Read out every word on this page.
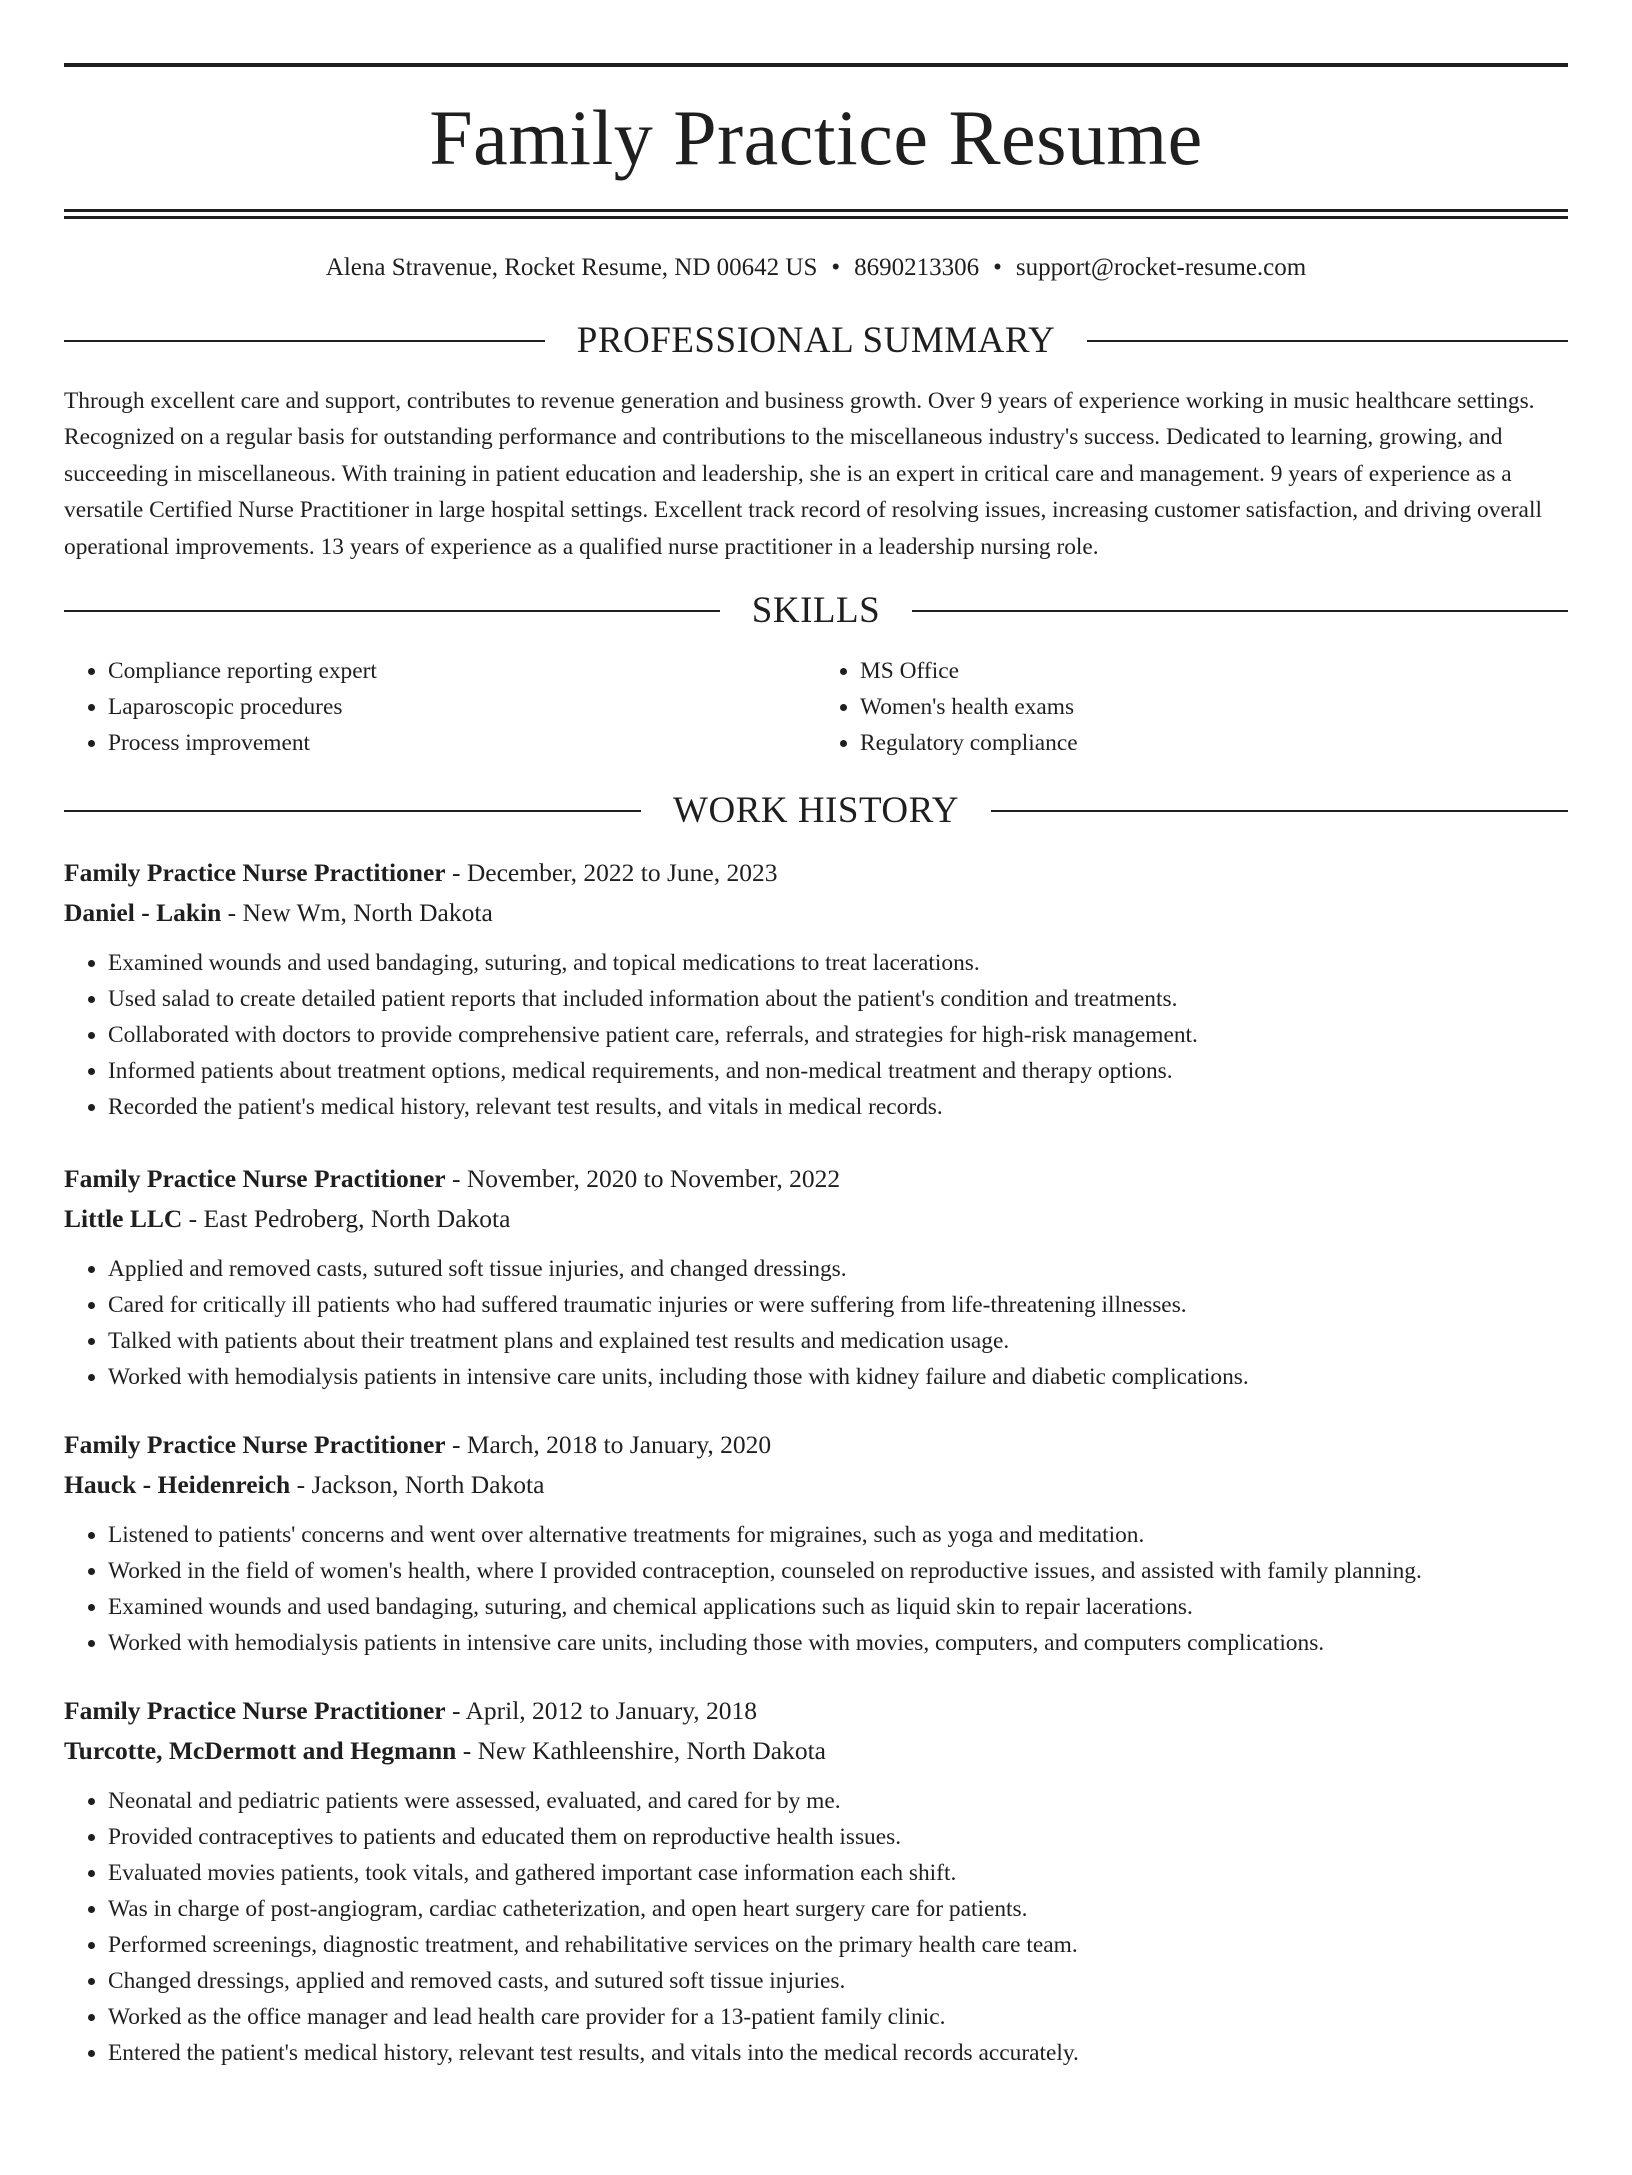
Family Practice Resume
Alena Stravenue, Rocket Resume, ND 00642 US • 8690213306 • support@rocket-resume.com
PROFESSIONAL SUMMARY

Through excellent care and support, contributes to revenue generation and business growth. Over 9 years of experience working in music healthcare settings. Recognized on a regular basis for outstanding performance and contributions to the miscellaneous industry's success. Dedicated to learning, growing, and succeeding in miscellaneous. With training in patient education and leadership, she is an expert in critical care and management. 9 years of experience as a versatile Certified Nurse Practitioner in large hospital settings. Excellent track record of resolving issues, increasing customer satisfaction, and driving overall operational improvements. 13 years of experience as a qualified nurse practitioner in a leadership nursing role.

SKILLS
• Compliance reporting expert
• Laparoscopic procedures
• Process improvement
• MS Office
• Women's health exams
• Regulatory compliance
WORK HISTORY
Family Practice Nurse Practitioner - December, 2022 to June, 2023
Daniel - Lakin - New Wm, North Dakota
• Examined wounds and used bandaging, suturing, and topical medications to treat lacerations.
• Used salad to create detailed patient reports that included information about the patient's condition and treatments.
• Collaborated with doctors to provide comprehensive patient care, referrals, and strategies for high-risk management.
• Informed patients about treatment options, medical requirements, and non-medical treatment and therapy options.
• Recorded the patient's medical history, relevant test results, and vitals in medical records.
Family Practice Nurse Practitioner - November, 2020 to November, 2022
Little LLC - East Pedroberg, North Dakota
• Applied and removed casts, sutured soft tissue injuries, and changed dressings.
• Cared for critically ill patients who had suffered traumatic injuries or were suffering from life-threatening illnesses.
• Talked with patients about their treatment plans and explained test results and medication usage.
• Worked with hemodialysis patients in intensive care units, including those with kidney failure and diabetic complications.
Family Practice Nurse Practitioner - March, 2018 to January, 2020
Hauck - Heidenreich - Jackson, North Dakota
• Listened to patients' concerns and went over alternative treatments for migraines, such as yoga and meditation.
• Worked in the field of women's health, where I provided contraception, counseled on reproductive issues, and assisted with family planning.
• Examined wounds and used bandaging, suturing, and chemical applications such as liquid skin to repair lacerations.
• Worked with hemodialysis patients in intensive care units, including those with movies, computers, and computers complications.
Family Practice Nurse Practitioner - April, 2012 to January, 2018
Turcotte, McDermott and Hegmann - New Kathleenshire, North Dakota
• Neonatal and pediatric patients were assessed, evaluated, and cared for by me.
• Provided contraceptives to patients and educated them on reproductive health issues.
• Evaluated movies patients, took vitals, and gathered important case information each shift.
• Was in charge of post-angiogram, cardiac catheterization, and open heart surgery care for patients.
• Performed screenings, diagnostic treatment, and rehabilitative services on the primary health care team.
• Changed dressings, applied and removed casts, and sutured soft tissue injuries.
• Worked as the office manager and lead health care provider for a 13-patient family clinic.
• Entered the patient's medical history, relevant test results, and vitals into the medical records accurately.
